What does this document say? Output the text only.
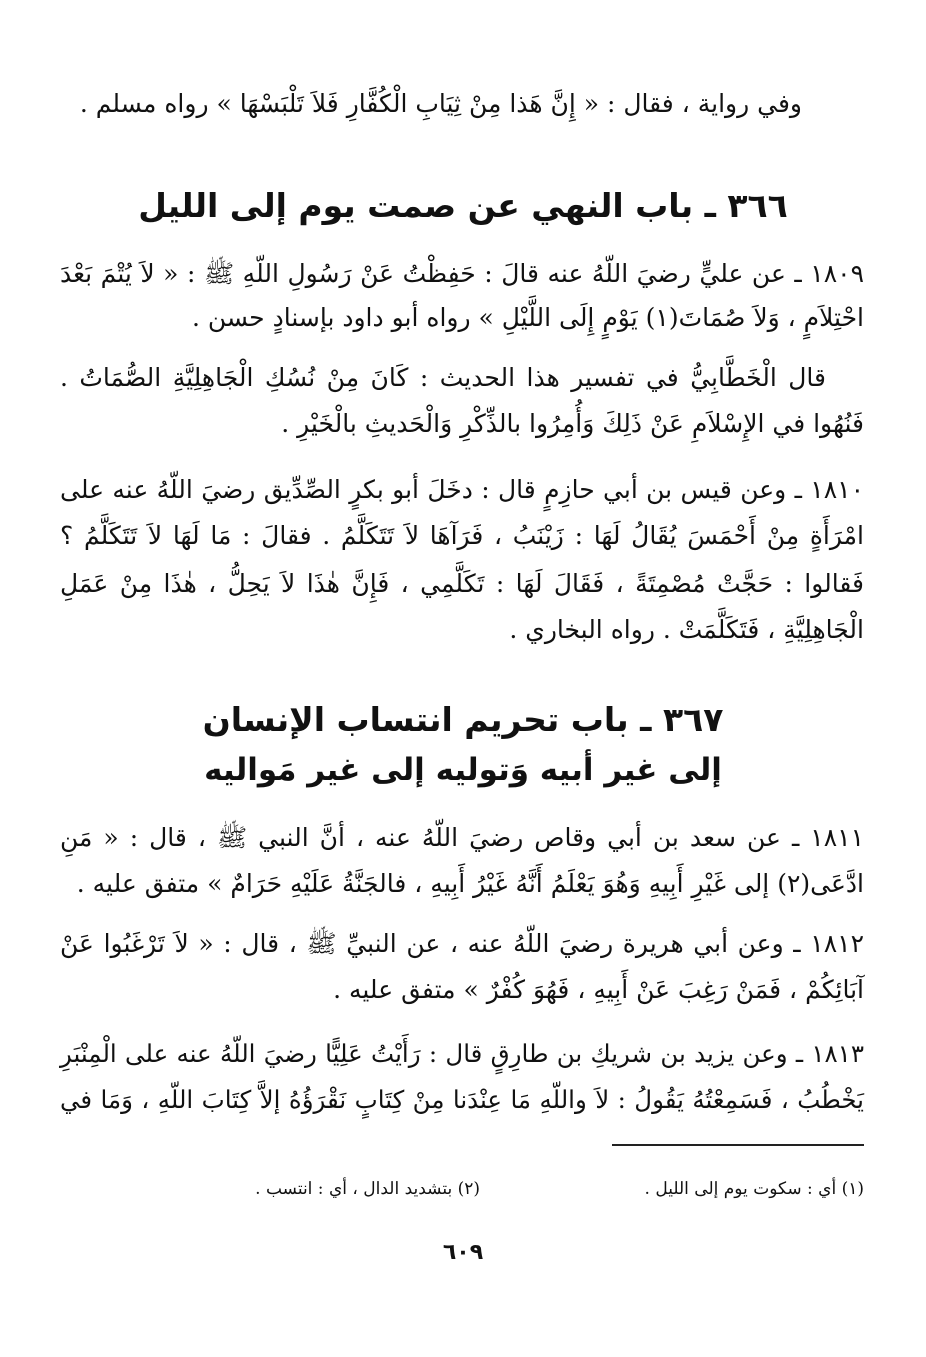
وفي رواية ، فقال : « إِنَّ هَذا مِنْ ثِيَابِ الْكُفَّارِ فَلاَ تَلْبَسْهَا » رواه مسلم .

٣٦٦ ـ باب النهي عن صمت يوم إلى الليل

١٨٠٩ ـ عن عليٍّ رضيَ اللّهُ عنه قالَ : حَفِظْتُ عَنْ رَسُولِ اللّهِ ﷺ : « لاَ يُتْمَ بَعْدَ

احْتِلاَمٍ ، وَلاَ صُمَاتَ(١) يَوْمٍ إِلَى اللَّيْلِ » رواه أبو داود بإسنادٍ حسن .

قال الْخَطَّابِيُّ في تفسير هذا الحديث : كَانَ مِنْ نُسُكِ الْجَاهِلِيَّةِ الصُّمَاتُ .

فَنُهُوا في الإِسْلاَمِ عَنْ ذَلِكَ وَأُمِرُوا بالذِّكْرِ وَالْحَديثِ بالْخَيْرِ .

١٨١٠ ـ وعن قيس بن أبي حازِمٍ قال : دخَلَ أبو بكرٍ الصِّدِّيق رضيَ اللّهُ عنه على

امْرَأَةٍ مِنْ أَحْمَسَ يُقَالُ لَهَا : زَيْنَبُ ، فَرَآهَا لاَ تَتَكَلَّمُ . فقالَ : مَا لَهَا لاَ تَتَكَلَّمُ ؟

فَقالوا : حَجَّتْ مُصْمِتَةً ، فَقَالَ لَهَا : تَكَلَّمِي ، فَإِنَّ هٰذَا لاَ يَحِلُّ ، هٰذَا مِنْ عَمَلِ

الْجَاهِلِيَّةِ ، فَتَكَلَّمَتْ . رواه البخاري .

٣٦٧ ـ باب تحريم انتساب الإنسان
إلى غير أبيه وَتوليه إلى غير مَواليه

١٨١١ ـ عن سعد بن أبي وقاص رضيَ اللّهُ عنه ، أنَّ النبي ﷺ ، قال : « مَنِ

ادَّعَى(٢) إلى غَيْرِ أَبِيهِ وَهُوَ يَعْلَمُ أَنَّهُ غَيْرُ أَبِيهِ ، فالجَنَّةُ عَلَيْهِ حَرَامٌ » متفق عليه .

١٨١٢ ـ وعن أبي هريرة رضيَ اللّهُ عنه ، عن النبيِّ ﷺ ، قال : « لاَ تَرْغَبُوا عَنْ

آبَائِكُمْ ، فَمَنْ رَغِبَ عَنْ أَبِيهِ ، فَهُوَ كُفْرٌ » متفق عليه .

١٨١٣ ـ وعن يزيد بن شريكِ بن طارِقٍ قال : رَأَيْتُ عَلِيًّا رضيَ اللّهُ عنه على الْمِنْبَرِ

يَخْطُبُ ، فَسَمِعْتُهُ يَقُولُ : لاَ واللّهِ مَا عِنْدَنا مِنْ كِتَابٍ نَقْرَؤُهُ إلاَّ كِتَابَ اللّهِ ، وَمَا في

(١) أي : سكوت يوم إلى الليل .

(٢) بتشديد الدال ، أي : انتسب .

٦٠٩
